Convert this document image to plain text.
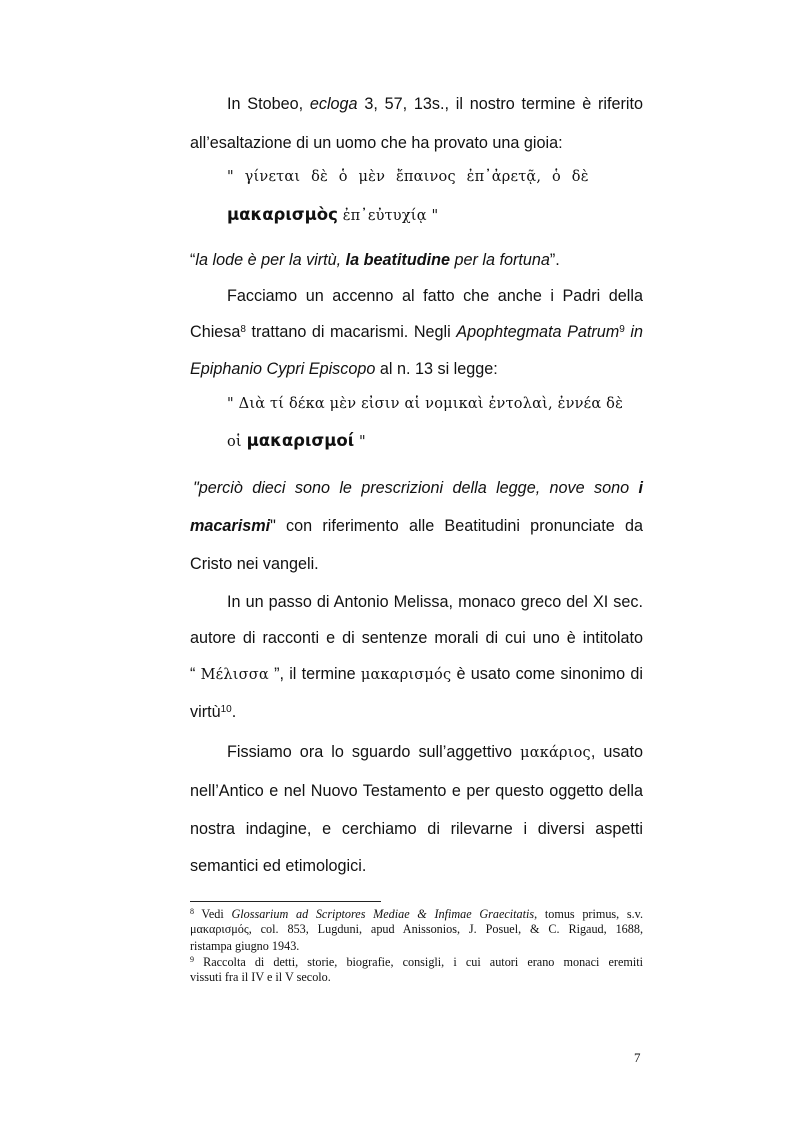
In Stobeo, ecloga 3, 57, 13s., il nostro termine è riferito
all’esaltazione di un uomo che ha provato una gioia:
" γίνεται δὲ ὁ μὲν ἔπαινος ἐπ᾿ἀρετᾷ, ὁ δὲ
μακαρισμὸς ἐπ᾿εὐτυχίᾳ "
“la lode è per la virtù, la beatitudine per la fortuna”.
Facciamo un accenno al fatto che anche i Padri della
Chiesa$^8$ trattano di macarismi. Negli Apophtegmata Patrum$^9$ in
Epiphanio Cypri Episcopo al n. 13 si legge:
" Διὰ τί δέκα μὲν εἰσιν αἱ νομικαὶ ἐντολαὶ, ἐννέα δὲ
οἱ μακαρισμοί "
"perciò dieci sono le prescrizioni della legge, nove sono i
macarismi" con riferimento alle Beatitudini pronunciate da
Cristo nei vangeli.
In un passo di Antonio Melissa, monaco greco del XI sec.
autore di racconti e di sentenze morali di cui uno è intitolato
“ Μέλισσα ”, il termine μακαρισμός è usato come sinonimo di
virtù$^{10}$.
Fissiamo ora lo sguardo sull’aggettivo μακάριος, usato
nell’Antico e nel Nuovo Testamento e per questo oggetto della
nostra indagine, e cerchiamo di rilevarne i diversi aspetti
semantici ed etimologici.
$^8$ Vedi Glossarium ad Scriptores Mediae & Infimae Graecitatis, tomus primus, s.v.
μακαρισμός, col. 853, Lugduni, apud Anissonios, J. Posuel, & C. Rigaud, 1688,
ristampa giugno 1943.
$^9$ Raccolta di detti, storie, biografie, consigli, i cui autori erano monaci eremiti
vissuti fra il IV e il V secolo.
7
